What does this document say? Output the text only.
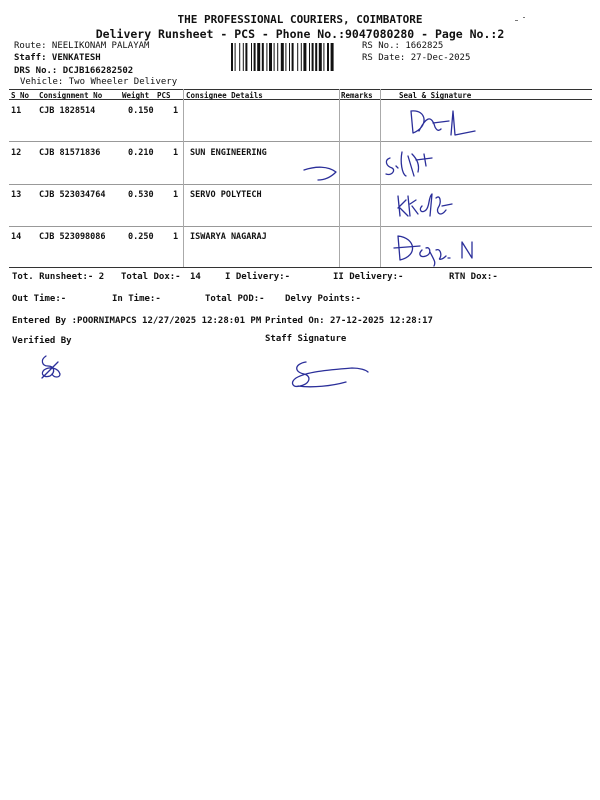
THE PROFESSIONAL COURIERS, COIMBATORE
Delivery Runsheet - PCS - Phone No.:9047080280 - Page No.:2
Route: NEELIKONAM PALAYAM
Staff: VENKATESH
DRS No.: DCJB166282502
Vehicle: Two Wheeler Delivery
RS No.: 1662825
RS Date: 27-Dec-2025
S No Consignment No	Weight PCS Consignee Details	Remarks	Seal & Signature
11 CJB 1828514	0.150 1
12 CJB 81571836	0.210 1 SUN ENGINEERING
13 CJB 523034764	0.530 1 SERVO POLYTECH
14 CJB 523098086	0.250 1 ISWARYA NAGARAJ
Tot. Runsheet:- 2 Total Dox:- 14	I Delivery:-	II Delivery:-	RTN Dox:-
Out Time:-	In Time:-	Total POD:- Delvy Points:-
Entered By :POORNIMAPCS 12/27/2025 12:28:01 PM Printed On: 27-12-2025 12:28:17
Verified By	Staff Signature
